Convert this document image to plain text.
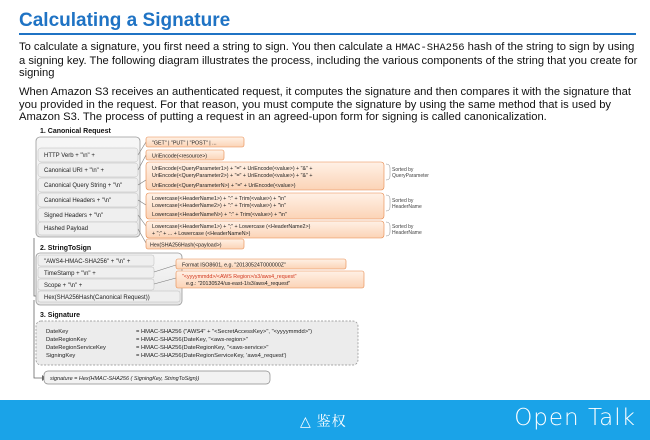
Calculating a Signature
To calculate a signature, you first need a string to sign. You then calculate a HMAC-SHA256 hash of the string to sign by using a signing key. The following diagram illustrates the process, including the various components of the string that you create for signing
When Amazon S3 receives an authenticated request, it computes the signature and then compares it with the signature that you provided in the request. For that reason, you must compute the signature by using the same method that is used by Amazon S3. The process of putting a request in an agreed-upon form for signing is called canonicalization.
1. Canonical Request
HTTP Verb + "\n" +
Canonical URI + "\n" +
Canonical Query String + "\n"
Canonical Headers + "\n"
Signed Headers + "\n"
Hashed Payload
"GET" | "PUT" | "POST" | ...
UriEncode(<resource>)
UriEncode(<QueryParameter1>) + "=" + UriEncode(<value>) + "&" +
UriEncode(<QueryParameter2>) + "=" + UriEncode(<value>) + "&" +
UriEncode(<QueryParameterN>) + "=" + UriEncode(<value>)
Lowercase(<HeaderName1>) + ":" + Trim(<value>) + "\n"
Lowercase(<HeaderName2>) + ":" + Trim(<value>) + "\n"
Lowercase(<HeaderNameN>) + ":" + Trim(<value>) + "\n"
Lowercase(<HeaderName1>) + ";" + Lowercase (<HeaderName2>)
+ ";" + ... + Lowercase (<HeaderNameN>)
Hex(SHA256Hash(<payload>)
Sorted by
QueryParameter
Sorted by
HeaderName
Sorted by
HeaderName
2. StringToSign
"AWS4-HMAC-SHA256" + "\n" +
TimeStamp + "\n" +
Scope + "\n" +
Hex(SHA256Hash(Canonical Request))
Format ISO8601, e.g. "20130524T000000Z"
"<yyyymmdd>/<AWS Region>/s3/aws4_request"
e.g.: "20130524/us-east-1/s3/aws4_request"
3. Signature
DateKey
DateRegionKey
DateRegionServiceKey
SigningKey
= HMAC-SHA256 ("AWS4" + "<SecretAccessKey>", "<yyyymmdd>")
= HMAC-SHA256(DateKey, "<aws-region>"
= HMAC-SHA256(DateRegionKey, "<aws-service>"
= HMAC-SHA256(DateRegionServiceKey, 'aws4_request')
signature = Hex(HMAC-SHA256 ( SigningKey, StringToSign))
△ 鉴权	Open Talk
